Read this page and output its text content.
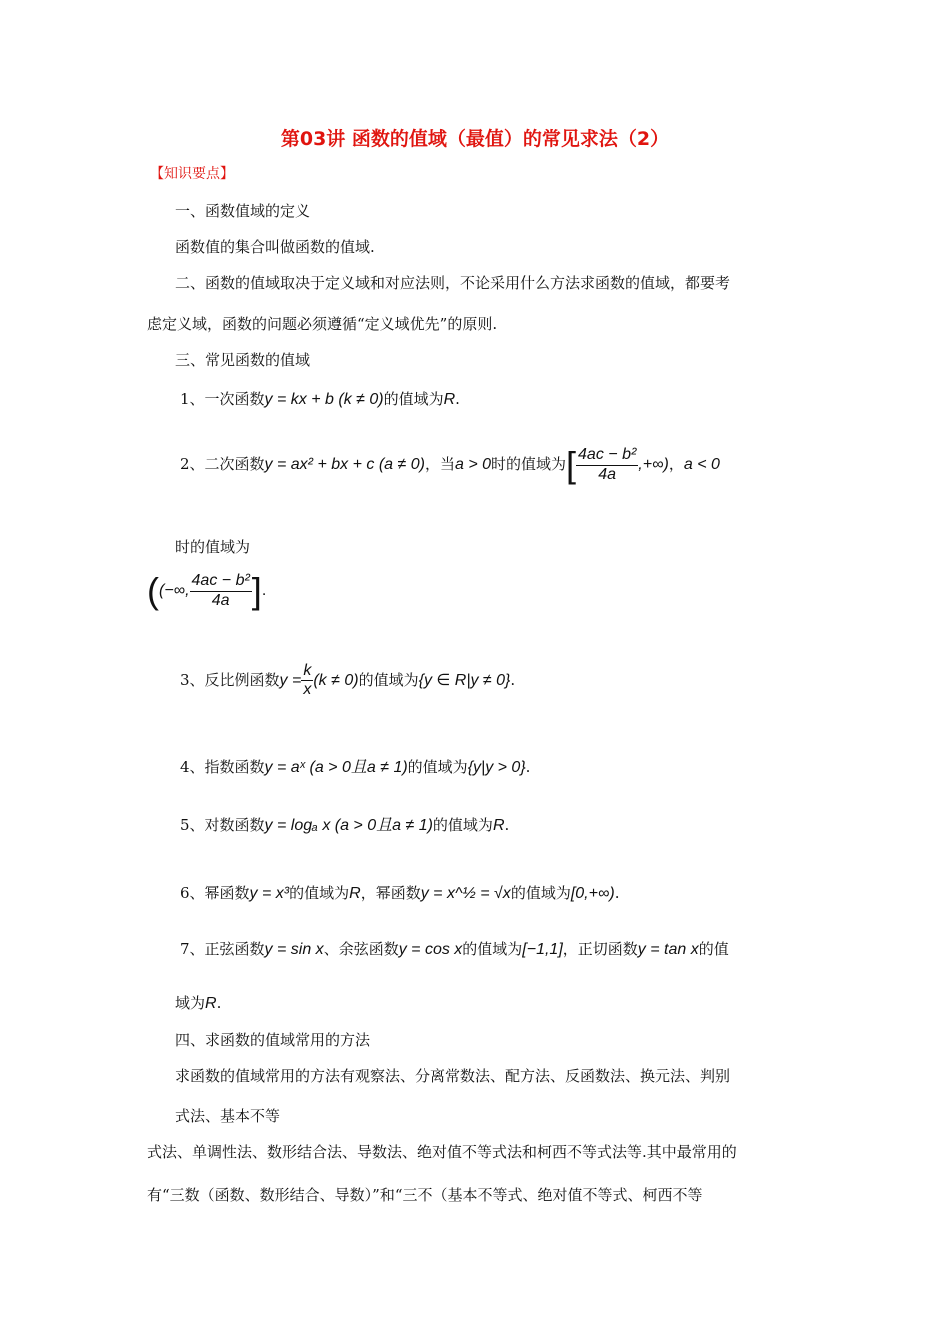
第03讲 函数的值域（最值）的常见求法（2）
【知识要点】
一、函数值域的定义
函数值的集合叫做函数的值域.
二、函数的值域取决于定义域和对应法则，不论采用什么方法求函数的值域，都要考
虑定义域，函数的问题必须遵循“定义域优先”的原则.
三、常见函数的值域
1、一次函数y = kx + b (k ≠ 0)的值域为R.
2、二次函数y = ax² + bx + c (a ≠ 0)，当a > 0时的值域为[ $\frac{\text{4ac − b²}}{4a}$ ,+∞)，a < 0
时的值域为
((−∞, $\frac{\text{4ac − b²}}{4a}$ ].
3、反比例函数$y = \frac{k}{x} (k \ne 0)$的值域为{y ∈ R|y ≠ 0}.
4、指数函数y = aˣ (a > 0且a ≠ 1)的值域为{y|y > 0}.
5、对数函数y = logₐ x (a > 0且a ≠ 1)的值域为R.
6、幂函数y = x³的值域为R，幂函数y = x^½ = √x的值域为[0,+∞).
7、正弦函数y = sin x、余弦函数y = cos x的值域为[−1,1]，正切函数y = tan x的值
域为R.
四、求函数的值域常用的方法
求函数的值域常用的方法有观察法、分离常数法、配方法、反函数法、换元法、判别
式法、基本不等
式法、单调性法、数形结合法、导数法、绝对值不等式法和柯西不等式法等.其中最常用的
有“三数（函数、数形结合、导数）”和“三不（基本不等式、绝对值不等式、柯西不等
